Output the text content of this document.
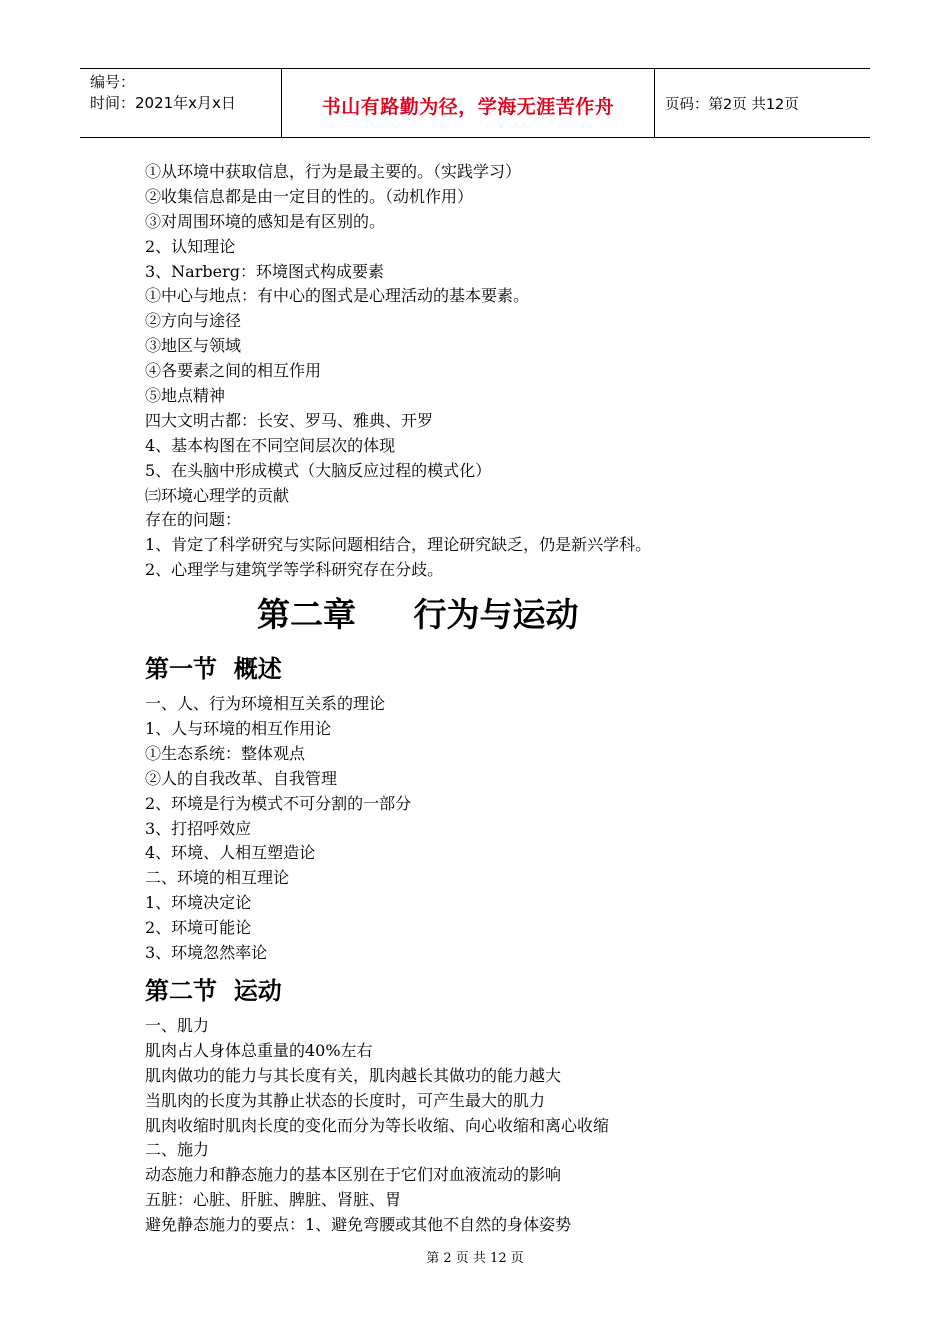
编号：
时间：2021年x月x日	书山有路勤为径，学海无涯苦作舟	页码：第2页 共12页
①从环境中获取信息，行为是最主要的。（实践学习）
②收集信息都是由一定目的性的。（动机作用）
③对周围环境的感知是有区别的。
2、认知理论
3、Narberg：环境图式构成要素
①中心与地点：有中心的图式是心理活动的基本要素。
②方向与途径
③地区与领域
④各要素之间的相互作用
⑤地点精神
四大文明古都：长安、罗马、雅典、开罗
4、基本构图在不同空间层次的体现
5、在头脑中形成模式（大脑反应过程的模式化）
㈢环境心理学的贡献
存在的问题：
1、肯定了科学研究与实际问题相结合，理论研究缺乏，仍是新兴学科。
2、心理学与建筑学等学科研究存在分歧。
第二章     行为与运动
第一节  概述
一、人、行为环境相互关系的理论
1、人与环境的相互作用论
①生态系统：整体观点
②人的自我改革、自我管理
2、环境是行为模式不可分割的一部分
3、打招呼效应
4、环境、人相互塑造论
二、环境的相互理论
1、环境决定论
2、环境可能论
3、环境忽然率论
第二节  运动
一、肌力
肌肉占人身体总重量的40%左右
肌肉做功的能力与其长度有关，肌肉越长其做功的能力越大
当肌肉的长度为其静止状态的长度时，可产生最大的肌力
肌肉收缩时肌肉长度的变化而分为等长收缩、向心收缩和离心收缩
二、施力
动态施力和静态施力的基本区别在于它们对血液流动的影响
五脏：心脏、肝脏、脾脏、肾脏、胃
避免静态施力的要点：1、避免弯腰或其他不自然的身体姿势
第 2 页 共 12 页
